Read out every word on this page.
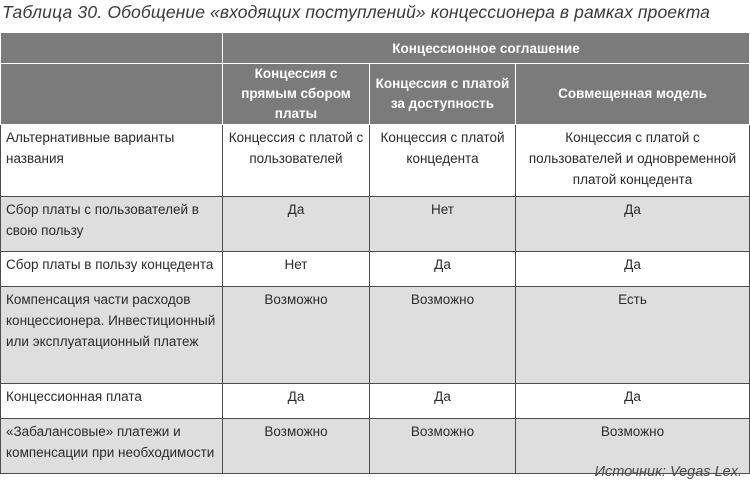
Таблица 30. Обобщение «входящих поступлений» концессионера в рамках проекта
	Концессионное соглашение		
	Концессия с прямым сбором платы	Концессия с платой за доступность	Совмещенная модель
Альтернативные варианты названия	Концессия с платой с пользователей	Концессия с платой концедента	Концессия с платой с пользователей и одновременной платой концедента
Сбор платы с пользователей в свою пользу	Да	Нет	Да
Сбор платы в пользу концедента	Нет	Да	Да
Компенсация части расходов концессионера. Инвестиционный или эксплуатационный платеж	Возможно	Возможно	Есть
Концессионная плата	Да	Да	Да
«Забалансовые» платежи и компенсации при необходимости	Возможно	Возможно	Возможно
Источник: Vegas Lex.
